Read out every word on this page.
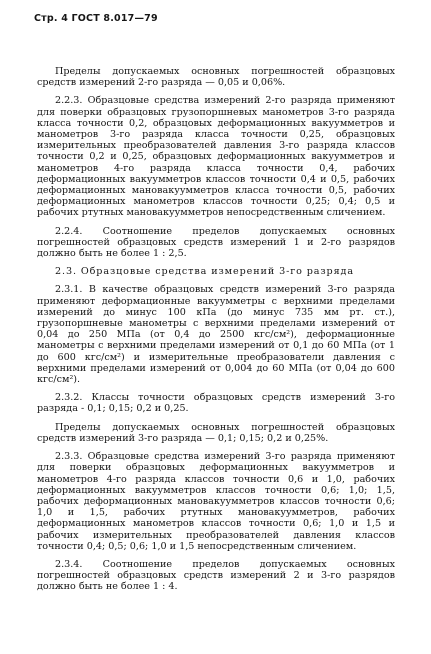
Стр. 4 ГОСТ 8.017—79

Пределы допускаемых основных погрешностей образцовых средств измерений 2-го разряда — 0,05 и 0,06%.

2.2.3. Образцовые средства измерений 2-го разряда применяют для поверки образцовых грузопоршневых манометров 3-го разряда класса точности 0,2, образцовых деформационных вакуумметров и манометров 3-го разряда класса точности 0,25, образцовых измерительных преобразователей давления 3-го разряда классов точности 0,2 и 0,25, образцовых деформационных вакуумметров и манометров 4-го разряда класса точности 0,4, рабочих деформационных вакуумметров классов точности 0,4 и 0,5, рабочих деформационных мановакуумметров класса точности 0,5, рабочих деформационных манометров классов точности 0,25; 0,4; 0,5 и рабочих ртутных мановакуумметров непосредственным сличением.

2.2.4. Соотношение пределов допускаемых основных погрешностей образцовых средств измерений 1 и 2-го разрядов должно быть не более 1 : 2,5.

2.3. Образцовые средства измерений 3-го разряда

2.3.1. В качестве образцовых средств измерений 3-го разряда применяют деформационные вакуумметры с верхними пределами измерений до минус 100 кПа (до минус 735 мм рт. ст.), грузопоршневые манометры с верхними пределами измерений от 0,04 до 250 МПа (от 0,4 до 2500 кгс/см²), деформационные манометры с верхними пределами измерений от 0,1 до 60 МПа (от 1 до 600 кгс/см²) и измерительные преобразователи давления с верхними пределами измерений от 0,004 до 60 МПа (от 0,04 до 600 кгс/см²).

2.3.2. Классы точности образцовых средств измерений 3-го разряда - 0,1; 0,15; 0,2 и 0,25.

Пределы допускаемых основных погрешностей образцовых средств измерений 3-го разряда — 0,1; 0,15; 0,2 и 0,25%.

2.3.3. Образцовые средства измерений 3-го разряда применяют для поверки образцовых деформационных вакуумметров и манометров 4-го разряда классов точности 0,6 и 1,0, рабочих деформационных вакуумметров классов точности 0,6; 1,0; 1,5, рабочих деформационных мановакуумметров классов точности 0,6; 1,0 и 1,5, рабочих ртутных мановакуумметров, рабочих деформационных манометров классов точности 0,6; 1,0 и 1,5 и рабочих измерительных преобразователей давления классов точности 0,4; 0,5; 0,6; 1,0 и 1,5 непосредственным сличением.

2.3.4. Соотношение пределов допускаемых основных погрешностей образцовых средств измерений 2 и 3-го разрядов должно быть не более 1 : 4.
